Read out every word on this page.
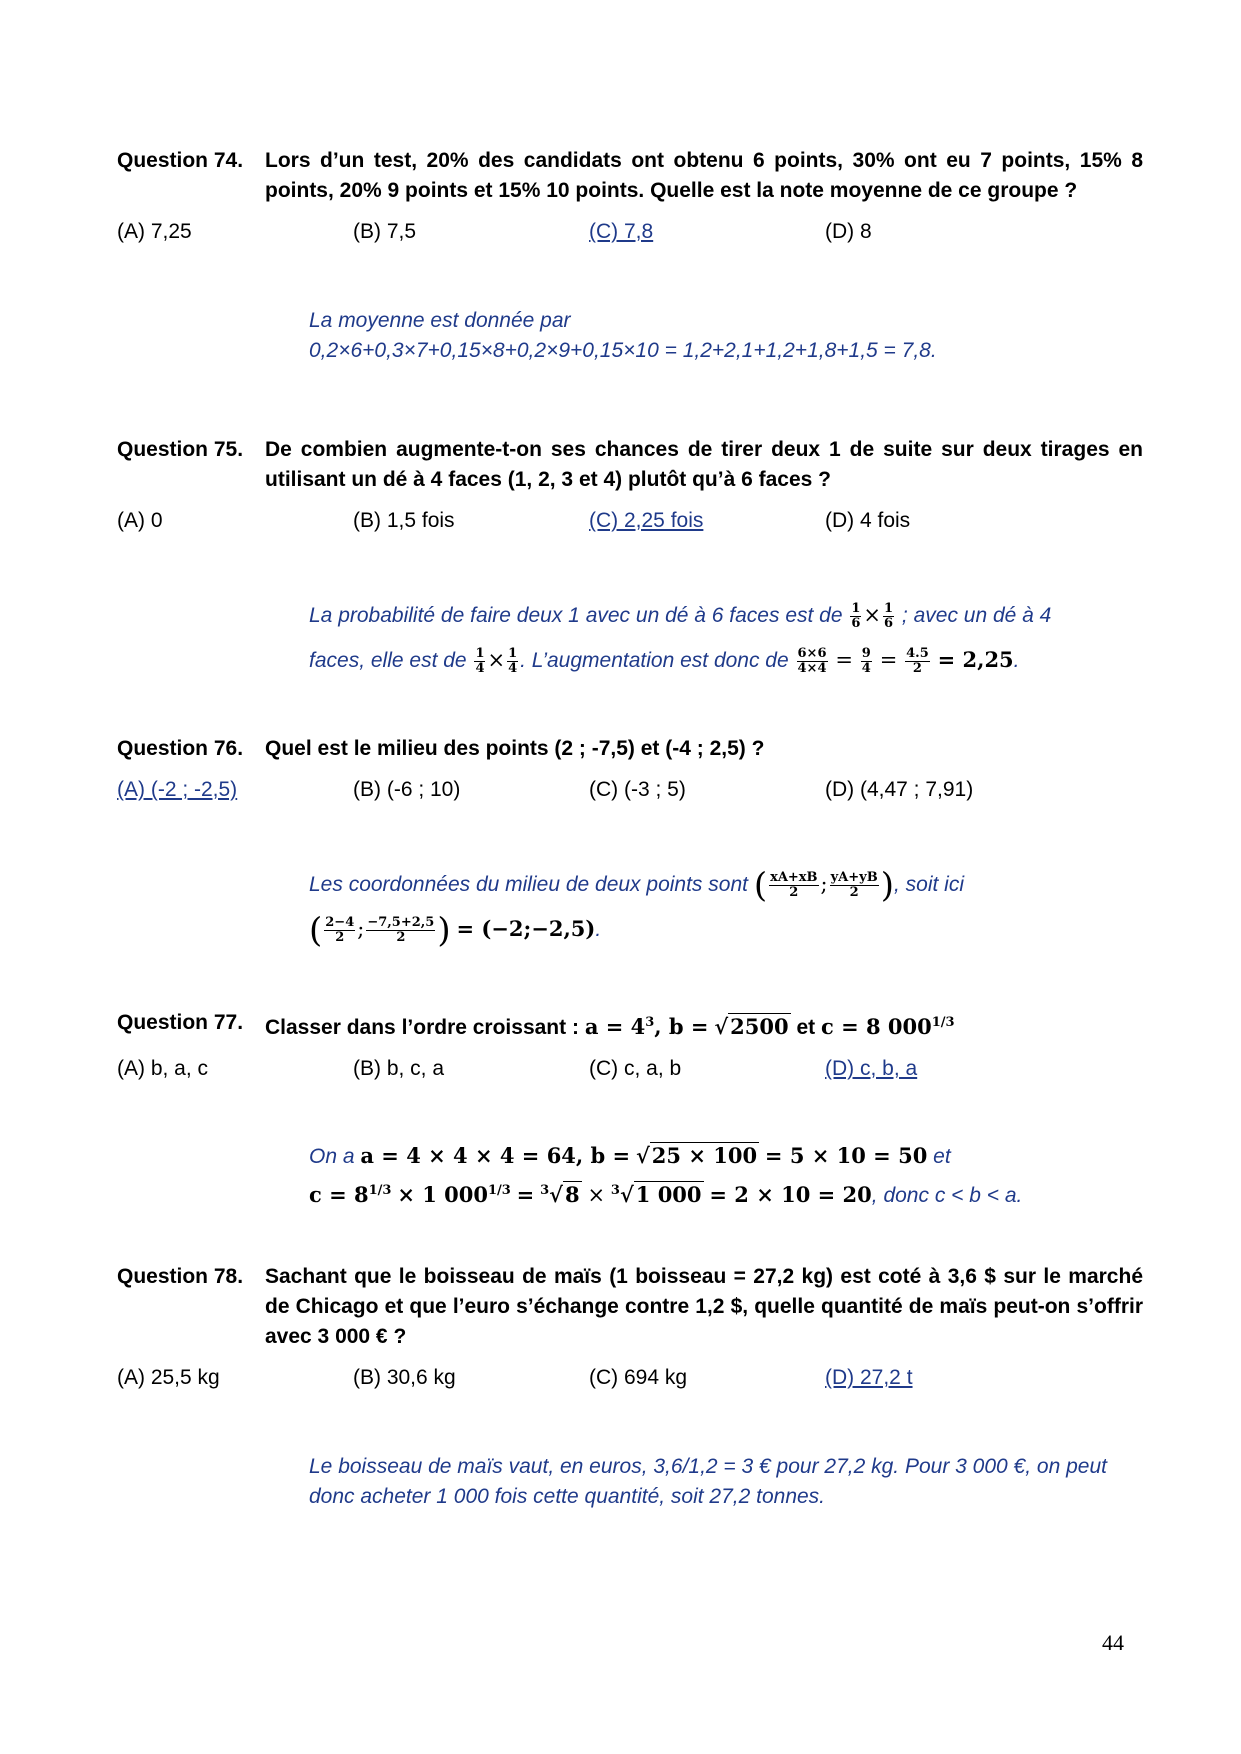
Question 74.	Lors d’un test, 20% des candidats ont obtenu 6 points, 30% ont eu 7 points, 15% 8 points, 20% 9 points et 15% 10 points. Quelle est la note moyenne de ce groupe ?
(A) 7,25	(B) 7,5	(C) 7,8	(D) 8
La moyenne est donnée par
0,2×6+0,3×7+0,15×8+0,2×9+0,15×10 = 1,2+2,1+1,2+1,8+1,5 = 7,8.
Question 75.	De combien augmente-t-on ses chances de tirer deux 1 de suite sur deux tirages en utilisant un dé à 4 faces (1, 2, 3 et 4) plutôt qu’à 6 faces ?
(A) 0	(B) 1,5 fois	(C) 2,25 fois	(D) 4 fois
La probabilité de faire deux 1 avec un dé à 6 faces est de $\frac{1}{6} \times \frac{1}{6}$ ; avec un dé à 4
faces, elle est de $\frac{1}{4} \times \frac{1}{4}$ . L’augmentation est donc de $\frac{6\times 6}{4\times 4} = \frac{9}{4} = \frac{4.5}{2} = 2,25$.
Question 76.	Quel est le milieu des points (2 ; -7,5) et (-4 ; 2,5) ?
(A) (-2 ; -2,5)	(B) (-6 ; 10)	(C) (-3 ; 5)	(D) (4,47 ; 7,91)
Les coordonnées du milieu de deux points sont ( $\frac{xA+xB}{2}$ ; $\frac{yA+yB}{2}$ ), soit ici
( $\frac{2-4}{2}$ ; $\frac{-7,5+2,5}{2}$ ) = (−2;−2,5).
Question 77.	Classer dans l’ordre croissant : $a = 4^3$, b = √2500 et c = 8 $000^{1/3}$
(A) b, a, c	(B) b, c, a	(C) c, a, b	(D) c, b, a
On a a = 4 × 4 × 4 = 64, b = √25 × 100 = 5 × 10 = 50 et
$c = 8^{1/3} \times 1$ $000^{1/3} = ^3√8 \times ^3√1$ 000 = 2 × 10 = 20, donc c < b < a.
Question 78.	Sachant que le boisseau de maïs (1 boisseau = 27,2 kg) est coté à 3,6 $ sur le marché de Chicago et que l’euro s’échange contre 1,2 $, quelle quantité de maïs peut-on s’offrir avec 3 000 € ?
(A) 25,5 kg	(B) 30,6 kg	(C) 694 kg	(D) 27,2 t
Le boisseau de maïs vaut, en euros, 3,6/1,2 = 3 € pour 27,2 kg. Pour 3 000 €, on peut donc acheter 1 000 fois cette quantité, soit 27,2 tonnes.
44
